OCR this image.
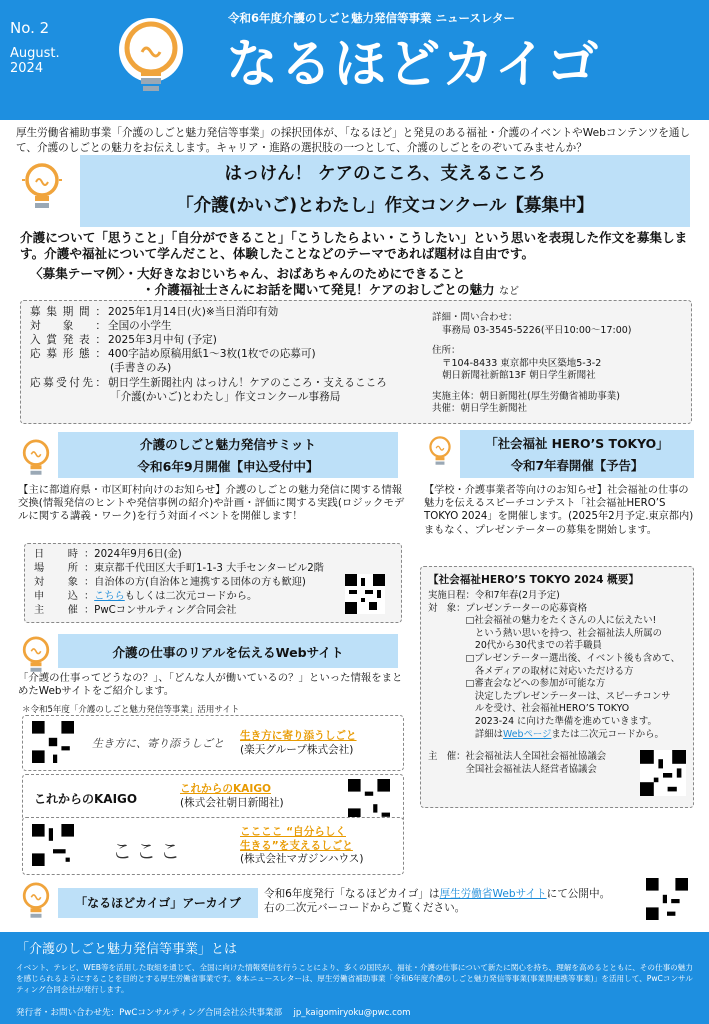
No. 2
August.
2024
令和6年度介護のしごと魅力発信等事業 ニュースレター
なるほどカイゴ
厚生労働省補助事業「介護のしごと魅力発信等事業」の採択団体が、「なるほど」と発見のある福祉・介護のイベントやWebコンテンツを通して、介護のしごとの魅力をお伝えします。キャリア・進路の選択肢の一つとして、介護のしごとをのぞいてみませんか？
はっけん！ ケアのこころ、支えるこころ
「介護(かいご)とわたし」作文コンクール【募集中】
介護について「思うこと」「自分ができること」「こうしたらよい・こうしたい」という思いを表現した作文を募集します。介護や福祉について学んだこと、体験したことなどのテーマであれば題材は自由です。
〈募集テーマ例〉・大好きなおじいちゃん、おばあちゃんのためにできること
・介護福祉士さんにお話を聞いて発見！ケアのおしごとの魅力 など
募集期間： 2025年1月14日(火)※当日消印有効
対象： 全国の小学生
入賞発表： 2025年3月中旬 (予定)
応募形態： 400字詰め原稿用紙1～3枚(1枚での応募可)
(手書きのみ)
応募受付先： 朝日学生新聞社内 はっけん！ケアのこころ・支えるこころ
「介護(かいご)とわたし」作文コンクール事務局
詳細・問い合わせ：
事務局 03-3545-5226(平日10:00～17:00)
住所：
〒104-8433 東京都中央区築地5-3-2
朝日新聞社新館13F 朝日学生新聞社
実施主体：朝日新聞社(厚生労働省補助事業)
共催：朝日学生新聞社
介護のしごと魅力発信サミット
令和6年9月開催【申込受付中】
【主に都道府県・市区町村向けのお知らせ】介護のしごとの魅力発信に関する情報交換(情報発信のヒントや発信事例の紹介)や計画・評価に関する実践(ロジックモデルに関する講義・ワーク)を行う対面イベントを開催します！
日時 ：2024年9月6日(金)
場所 ：東京都千代田区大手町1-1-3 大手センタービル2階
対象 ：自治体の方(自治体と連携する団体の方も歓迎)
申込 ：こちらもしくは二次元コードから。
主催 ：PwCコンサルティング合同会社
「社会福祉 HERO’S TOKYO」
令和7年春開催【予告】
【学校・介護事業者等向けのお知らせ】社会福祉の仕事の魅力を伝えるスピーチコンテスト「社会福祉HERO’S TOKYO 2024」を開催します。(2025年2月予定.東京都内) まもなく、プレゼンテーターの募集を開始します。
【社会福祉HERO’S TOKYO 2024 概要】
実施日程：令和7年春(2月予定)
対　象：プレゼンテーターの応募資格
　　　　□社会福祉の魅力をたくさんの人に伝えたい!
　　　　　という熱い思いを持つ、社会福祉法人所属の
　　　　　20代から30代までの若手職員
　　　　□プレゼンテーター選出後、イベント後も含めて、
　　　　　各メディアの取材に対応いただける方
　　　　□審査会などへの参加が可能な方
　　　　　決定したプレゼンテーターは、スピーチコンサ
　　　　　ルを受け、社会福祉HERO’S TOKYO
　　　　　2023-24 に向けた準備を進めていきます。
　　　　　詳細はWebページまたは二次元コードから。
主　催：社会福祉法人全国社会福祉協議会
　　　　全国社会福祉法人経営者協議会
介護の仕事のリアルを伝えるWebサイト
「介護の仕事ってどうなの？」、「どんな人が働いているの？」といった情報をまとめたWebサイトをご紹介します。
＊令和5年度「介護のしごと魅力発信等事業」活用サイト
生き方に、寄り添うしごと
生き方に寄り添うしごと
(楽天グループ株式会社)
これからのKAIGO
これからのKAIGO
(株式会社朝日新聞社)
こここ
ここここ “自分らしく
生きる”を支えるしごと
(株式会社マガジンハウス)
「なるほどカイゴ」アーカイブ
令和6年度発行「なるほどカイゴ」は厚生労働省Webサイトにて公開中。
右の二次元バーコードからご覧ください。
「介護のしごと魅力発信等事業」とは
イベント、テレビ、WEB等を活用した取組を通じて、全国に向けた情報発信を行うことにより、多くの国民が、福祉・介護の仕事について新たに関心を持ち、理解を高めるとともに、その仕事の魅力を感じられるようにすることを目的とする厚生労働省事業です。※本ニュースレターは、厚生労働省補助事業「令和6年度介護のしごと魅力発信等事業(事業間連携等事業)」を活用して、PwCコンサルティング合同会社が発行します。
発行者・お問い合わせ先：PwCコンサルティング合同会社公共事業部　 jp_kaigomiryoku@pwc.com
